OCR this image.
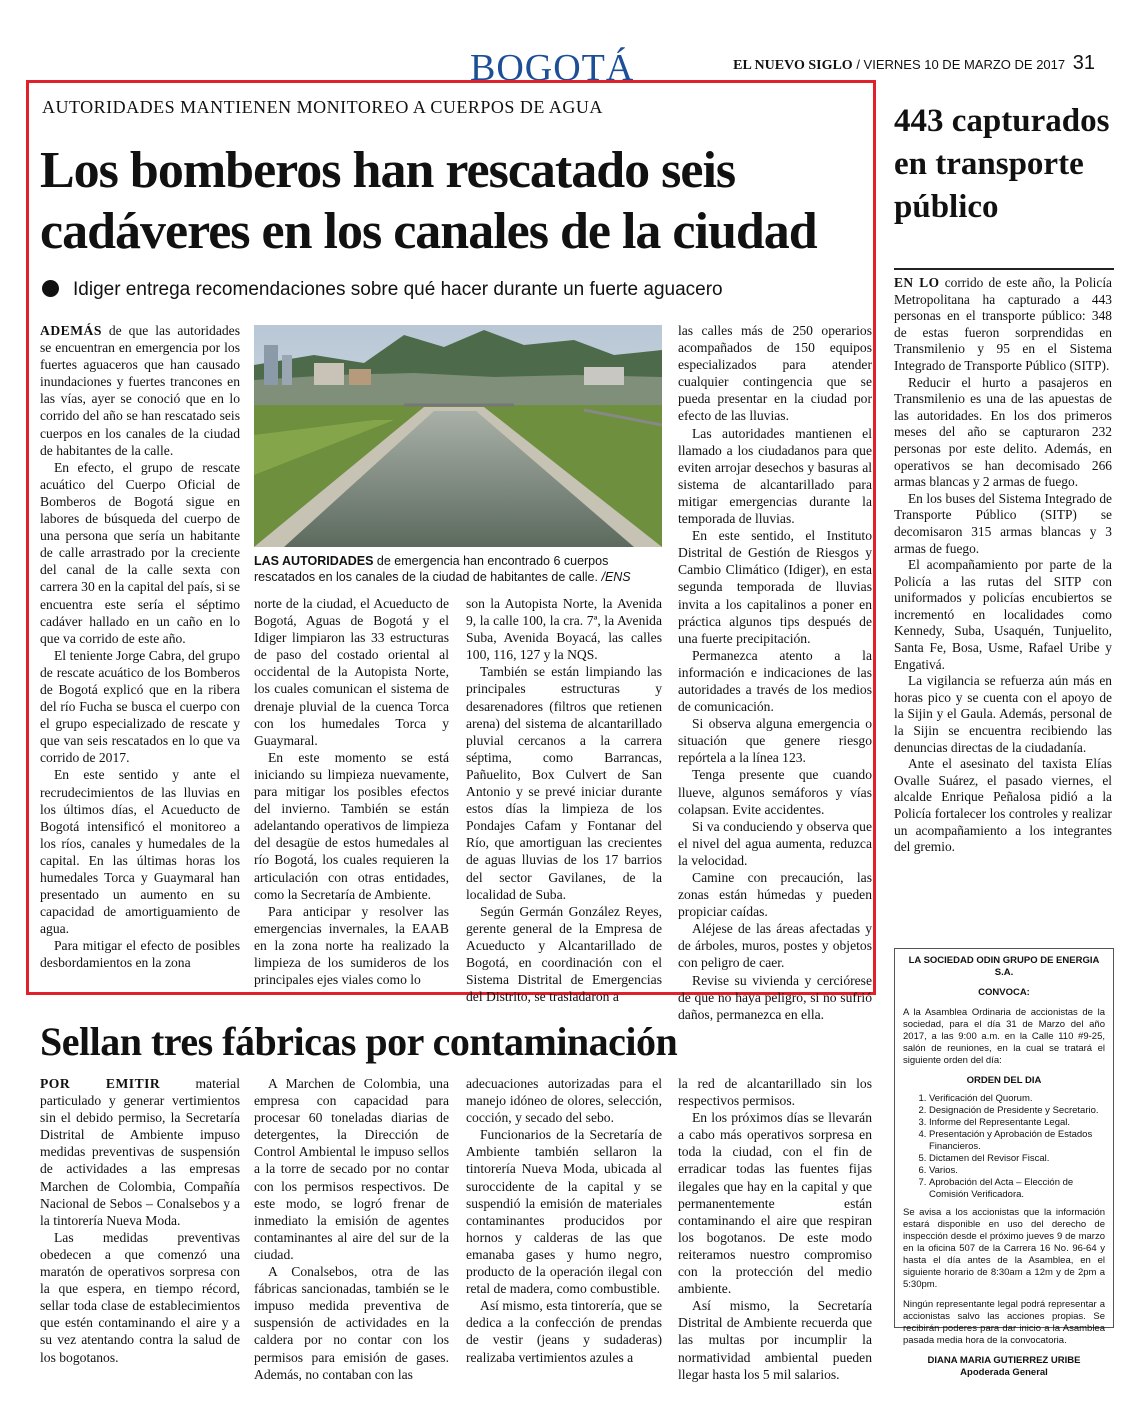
BOGOTÁ	EL NUEVO SIGLO / VIERNES 10 DE MARZO DE 2017 31
AUTORIDADES MANTIENEN MONITOREO A CUERPOS DE AGUA
Los bomberos han rescatado seis cadáveres en los canales de la ciudad
Idiger entrega recomendaciones sobre qué hacer durante un fuerte aguacero

ADEMÁS de que las autoridades se encuentran en emergencia por los fuertes aguaceros que han causado inundaciones y fuertes trancones en las vías, ayer se conoció que en lo corrido del año se han rescatado seis cuerpos en los canales de la ciudad de habitantes de la calle.

En efecto, el grupo de rescate acuático del Cuerpo Oficial de Bomberos de Bogotá sigue en labores de búsqueda del cuerpo de una persona que sería un habitante de calle arrastrado por la creciente del canal de la calle sexta con carrera 30 en la capital del país, si se encuentra este sería el séptimo cadáver hallado en un caño en lo que va corrido de este año.

El teniente Jorge Cabra, del grupo de rescate acuático de los Bomberos de Bogotá explicó que en la ribera del río Fucha se busca el cuerpo con el grupo especializado de rescate y que van seis rescatados en lo que va corrido de 2017.

En este sentido y ante el recrudecimientos de las lluvias en los últimos días, el Acueducto de Bogotá intensificó el monitoreo a los ríos, canales y humedales de la capital. En las últimas horas los humedales Torca y Guaymaral han presentado un aumento en su capacidad de amortiguamiento de agua.

Para mitigar el efecto de posibles desbordamientos en la zona

LAS AUTORIDADES de emergencia han encontrado 6 cuerpos rescatados en los canales de la ciudad de habitantes de calle. /ENS

norte de la ciudad, el Acueducto de Bogotá, Aguas de Bogotá y el Idiger limpiaron las 33 estructuras de paso del costado oriental al occidental de la Autopista Norte, los cuales comunican el sistema de drenaje pluvial de la cuenca Torca con los humedales Torca y Guaymaral.

En este momento se está iniciando su limpieza nuevamente, para mitigar los posibles efectos del invierno. También se están adelantando operativos de limpieza del desagüe de estos humedales al río Bogotá, los cuales requieren la articulación con otras entidades, como la Secretaría de Ambiente.

Para anticipar y resolver las emergencias invernales, la EAAB en la zona norte ha realizado la limpieza de los sumideros de los principales ejes viales como lo

son la Autopista Norte, la Avenida 9, la calle 100, la cra. 7ª, la Avenida Suba, Avenida Boyacá, las calles 100, 116, 127 y la NQS.

También se están limpiando las principales estructuras y desarenadores (filtros que retienen arena) del sistema de alcantarillado pluvial cercanos a la carrera séptima, como Barrancas, Pañuelito, Box Culvert de San Antonio y se prevé iniciar durante estos días la limpieza de los Pondajes Cafam y Fontanar del Río, que amortiguan las crecientes de aguas lluvias de los 17 barrios del sector Gavilanes, de la localidad de Suba.

Según Germán González Reyes, gerente general de la Empresa de Acueducto y Alcantarillado de Bogotá, en coordinación con el Sistema Distrital de Emergencias del Distrito, se trasladaron a

las calles más de 250 operarios acompañados de 150 equipos especializados para atender cualquier contingencia que se pueda presentar en la ciudad por efecto de las lluvias.

Las autoridades mantienen el llamado a los ciudadanos para que eviten arrojar desechos y basuras al sistema de alcantarillado para mitigar emergencias durante la temporada de lluvias.

En este sentido, el Instituto Distrital de Gestión de Riesgos y Cambio Climático (Idiger), en esta segunda temporada de lluvias invita a los capitalinos a poner en práctica algunos tips después de una fuerte precipitación.

Permanezca atento a la información e indicaciones de las autoridades a través de los medios de comunicación.

Si observa alguna emergencia o situación que genere riesgo repórtela a la línea 123.

Tenga presente que cuando llueve, algunos semáforos y vías colapsan. Evite accidentes.

Si va conduciendo y observa que el nivel del agua aumenta, reduzca la velocidad.

Camine con precaución, las zonas están húmedas y pueden propiciar caídas.

Aléjese de las áreas afectadas y de árboles, muros, postes y objetos con peligro de caer.

Revise su vivienda y cerciórese de que no haya peligro, si no sufrió daños, permanezca en ella.

443 capturados en transporte público

EN LO corrido de este año, la Policía Metropolitana ha capturado a 443 personas en el transporte público: 348 de estas fueron sorprendidas en Transmilenio y 95 en el Sistema Integrado de Transporte Público (SITP).

Reducir el hurto a pasajeros en Transmilenio es una de las apuestas de las autoridades. En los dos primeros meses del año se capturaron 232 personas por este delito. Además, en operativos se han decomisado 266 armas blancas y 2 armas de fuego.

En los buses del Sistema Integrado de Transporte Público (SITP) se decomisaron 315 armas blancas y 3 armas de fuego.

El acompañamiento por parte de la Policía a las rutas del SITP con uniformados y policías encubiertos se incrementó en localidades como Kennedy, Suba, Usaquén, Tunjuelito, Santa Fe, Bosa, Usme, Rafael Uribe y Engativá.

La vigilancia se refuerza aún más en horas pico y se cuenta con el apoyo de la Sijin y el Gaula. Además, personal de la Sijin se encuentra recibiendo las denuncias directas de la ciudadanía.

Ante el asesinato del taxista Elías Ovalle Suárez, el pasado viernes, el alcalde Enrique Peñalosa pidió a la Policía fortalecer los controles y realizar un acompañamiento a los integrantes del gremio.

LA SOCIEDAD ODIN GRUPO DE ENERGIA S.A.
CONVOCA:
A la Asamblea Ordinaria de accionistas de la sociedad, para el día 31 de Marzo del año 2017, a las 9:00 a.m. en la Calle 110 #9-25, salón de reuniones, en la cual se tratará el siguiente orden del día:
ORDEN DEL DIA
1. Verificación del Quorum.
2. Designación de Presidente y Secretario.
3. Informe del Representante Legal.
4. Presentación y Aprobación de Estados Financieros.
5. Dictamen del Revisor Fiscal.
6. Varios.
7. Aprobación del Acta – Elección de Comisión Verificadora.
Se avisa a los accionistas que la información estará disponible en uso del derecho de inspección desde el próximo jueves 9 de marzo en la oficina 507 de la Carrera 16 No. 96-64 y hasta el día antes de la Asamblea, en el siguiente horario de 8:30am a 12m y de 2pm a 5:30pm.
Ningún representante legal podrá representar a accionistas salvo las acciones propias. Se recibirán poderes para dar inicio a la Asamblea pasada media hora de la convocatoria.
DIANA MARIA GUTIERREZ URIBE
Apoderada General
Sellan tres fábricas por contaminación

POR EMITIR material particulado y generar vertimientos sin el debido permiso, la Secretaría Distrital de Ambiente impuso medidas preventivas de suspensión de actividades a las empresas Marchen de Colombia, Compañía Nacional de Sebos – Conalsebos y a la tintorería Nueva Moda.

Las medidas preventivas obedecen a que comenzó una maratón de operativos sorpresa con la que espera, en tiempo récord, sellar toda clase de establecimientos que estén contaminando el aire y a su vez atentando contra la salud de los bogotanos.

A Marchen de Colombia, una empresa con capacidad para procesar 60 toneladas diarias de detergentes, la Dirección de Control Ambiental le impuso sellos a la torre de secado por no contar con los permisos respectivos. De este modo, se logró frenar de inmediato la emisión de agentes contaminantes al aire del sur de la ciudad.

A Conalsebos, otra de las fábricas sancionadas, también se le impuso medida preventiva de suspensión de actividades en la caldera por no contar con los permisos para emisión de gases. Además, no contaban con las

adecuaciones autorizadas para el manejo idóneo de olores, selección, cocción, y secado del sebo.

Funcionarios de la Secretaría de Ambiente también sellaron la tintorería Nueva Moda, ubicada al suroccidente de la capital y se suspendió la emisión de materiales contaminantes producidos por hornos y calderas de las que emanaba gases y humo negro, producto de la operación ilegal con retal de madera, como combustible.

Así mismo, esta tintorería, que se dedica a la confección de prendas de vestir (jeans y sudaderas) realizaba vertimientos azules a

la red de alcantarillado sin los respectivos permisos.

En los próximos días se llevarán a cabo más operativos sorpresa en toda la ciudad, con el fin de erradicar todas las fuentes fijas ilegales que hay en la capital y que permanentemente están contaminando el aire que respiran los bogotanos. De este modo reiteramos nuestro compromiso con la protección del medio ambiente.

Así mismo, la Secretaría Distrital de Ambiente recuerda que las multas por incumplir la normatividad ambiental pueden llegar hasta los 5 mil salarios.
